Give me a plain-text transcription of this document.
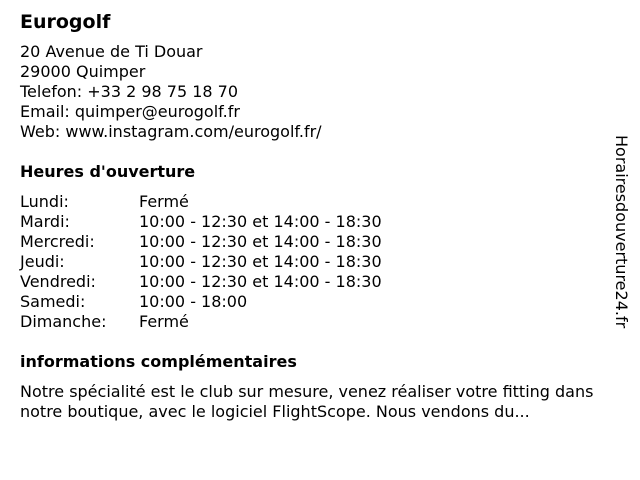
Eurogolf
20 Avenue de Ti Douar
29000 Quimper
Telefon: +33 2 98 75 18 70
Email: quimper@eurogolf.fr
Web: www.instagram.com/eurogolf.fr/
Heures d'ouverture
Lundi:	Fermé
Mardi:	10:00 - 12:30 et 14:00 - 18:30
Mercredi:	10:00 - 12:30 et 14:00 - 18:30
Jeudi:	10:00 - 12:30 et 14:00 - 18:30
Vendredi:	10:00 - 12:30 et 14:00 - 18:30
Samedi:	10:00 - 18:00
Dimanche:	Fermé
informations complémentaires
Notre spécialité est le club sur mesure, venez réaliser votre fitting dans notre boutique, avec le logiciel FlightScope. Nous vendons du...
Horairesdouverture24.fr
